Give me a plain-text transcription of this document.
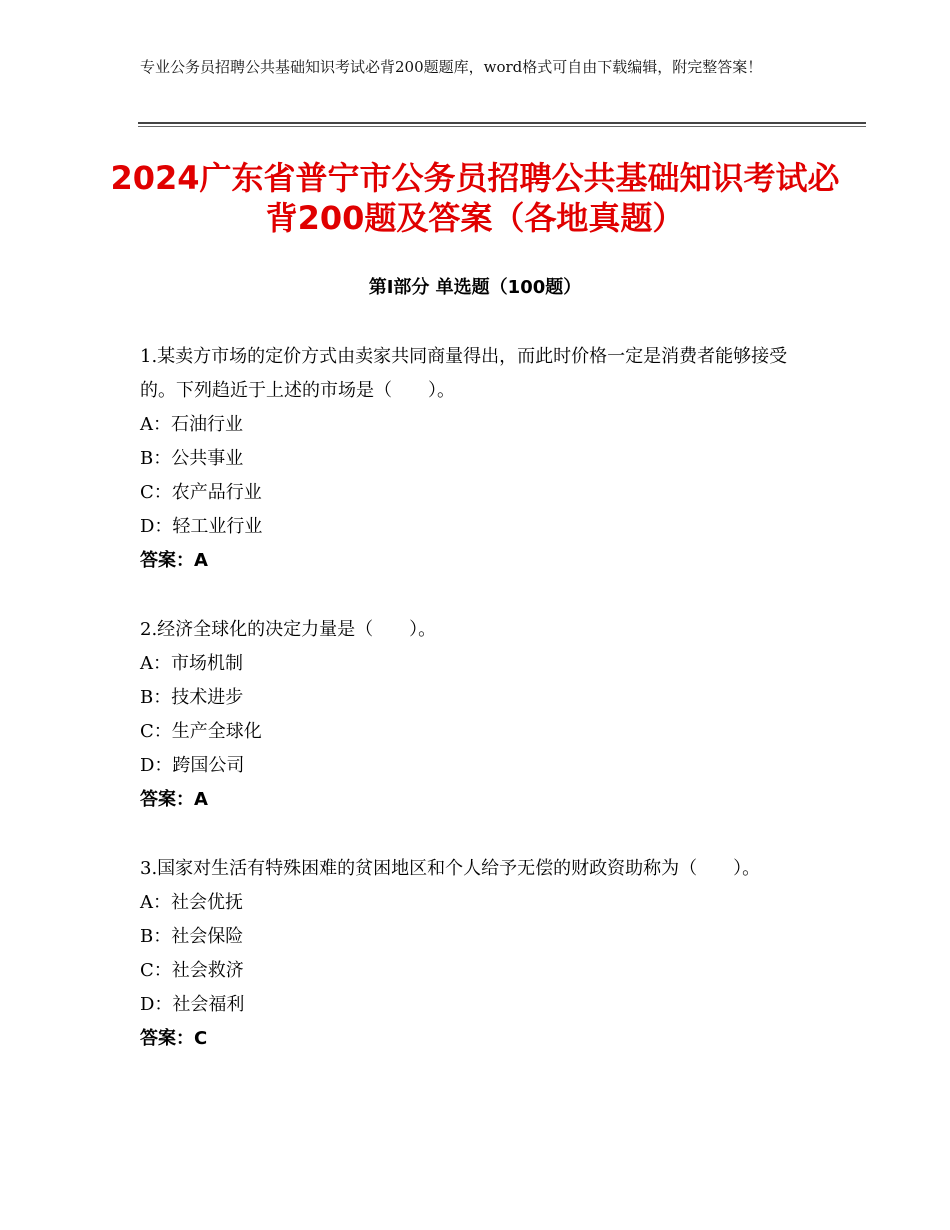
专业公务员招聘公共基础知识考试必背200题题库，word格式可自由下载编辑，附完整答案！
2024广东省普宁市公务员招聘公共基础知识考试必背200题及答案（各地真题）
第Ⅰ部分 单选题（100题）

1.某卖方市场的定价方式由卖家共同商量得出，而此时价格一定是消费者能够接受的。下列趋近于上述的市场是（　　）。

A：石油行业

B：公共事业

C：农产品行业

D：轻工业行业

答案：A

2.经济全球化的决定力量是（　　）。

A：市场机制

B：技术进步

C：生产全球化

D：跨国公司

答案：A

3.国家对生活有特殊困难的贫困地区和个人给予无偿的财政资助称为（　　）。

A：社会优抚

B：社会保险

C：社会救济

D：社会福利

答案：C
